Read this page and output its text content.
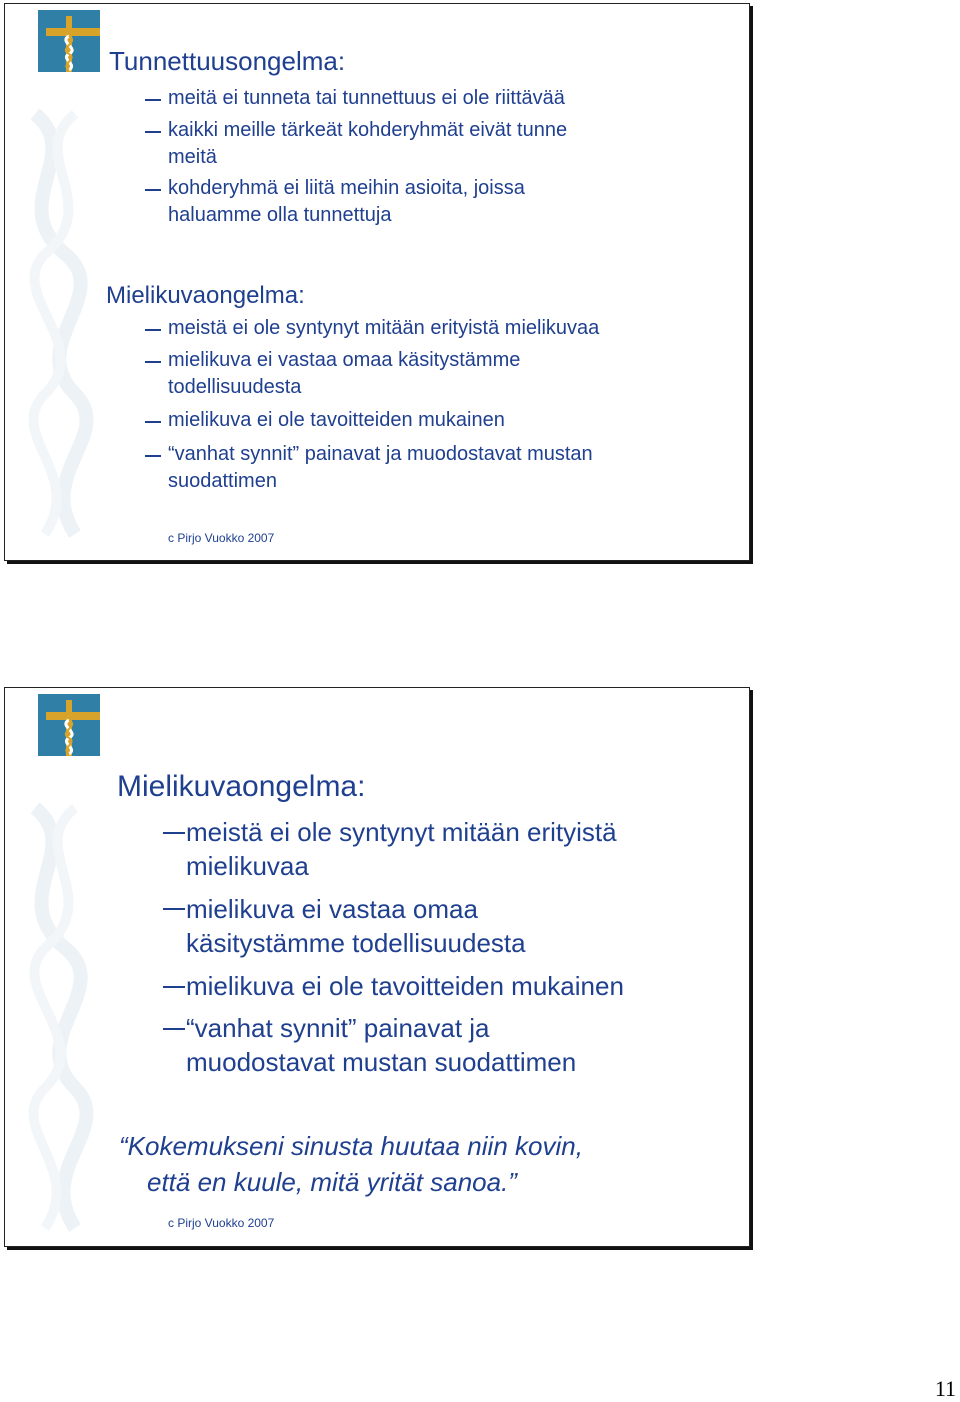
Tunnettuusongelma:
meitä ei tunneta tai tunnettuus ei ole riittävää
kaikki meille tärkeät kohderyhmät eivät tunne
meitä
kohderyhmä ei liitä meihin asioita, joissa
haluamme olla tunnettuja
Mielikuvaongelma:
meistä ei ole syntynyt mitään erityistä mielikuvaa
mielikuva ei vastaa omaa käsitystämme
todellisuudesta
mielikuva ei ole tavoitteiden mukainen
“vanhat synnit” painavat ja muodostavat mustan
suodattimen
c Pirjo Vuokko 2007
Mielikuvaongelma:
meistä ei ole syntynyt mitään erityistä
mielikuvaa
mielikuva ei vastaa omaa
käsitystämme todellisuudesta
mielikuva ei ole tavoitteiden mukainen
“vanhat synnit” painavat ja
muodostavat mustan suodattimen
“Kokemukseni sinusta huutaa niin kovin,
että en kuule, mitä yrität sanoa.”
c Pirjo Vuokko 2007
11
